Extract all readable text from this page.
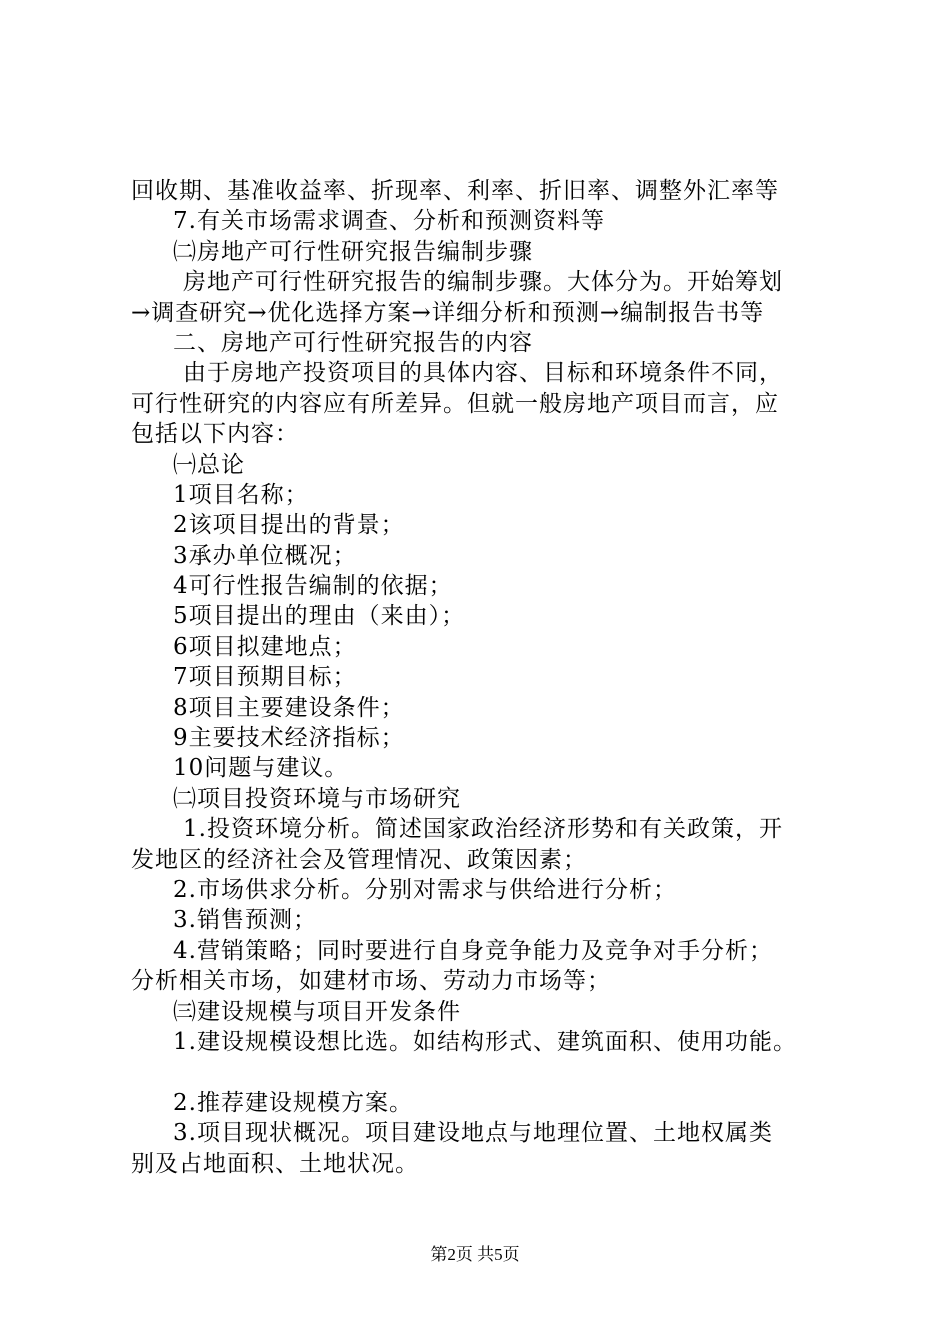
回收期、基准收益率、折现率、利率、折旧率、调整外汇率等
7.有关市场需求调查、分析和预测资料等
㈡房地产可行性研究报告编制步骤
房地产可行性研究报告的编制步骤。大体分为。开始筹划
→调查研究→优化选择方案→详细分析和预测→编制报告书等
二、房地产可行性研究报告的内容
由于房地产投资项目的具体内容、目标和环境条件不同，
可行性研究的内容应有所差异。但就一般房地产项目而言，应
包括以下内容：
㈠总论
1项目名称；
2该项目提出的背景；
3承办单位概况；
4可行性报告编制的依据；
5项目提出的理由（来由）；
6项目拟建地点；
7项目预期目标；
8项目主要建设条件；
9主要技术经济指标；
10问题与建议。
㈡项目投资环境与市场研究
1.投资环境分析。简述国家政治经济形势和有关政策，开
发地区的经济社会及管理情况、政策因素；
2.市场供求分析。分别对需求与供给进行分析；
3.销售预测；
4.营销策略；同时要进行自身竞争能力及竞争对手分析；
分析相关市场，如建材市场、劳动力市场等；
㈢建设规模与项目开发条件
1.建设规模设想比选。如结构形式、建筑面积、使用功能。
2.推荐建设规模方案。
3.项目现状概况。项目建设地点与地理位置、土地权属类
别及占地面积、土地状况。
第2页 共5页
